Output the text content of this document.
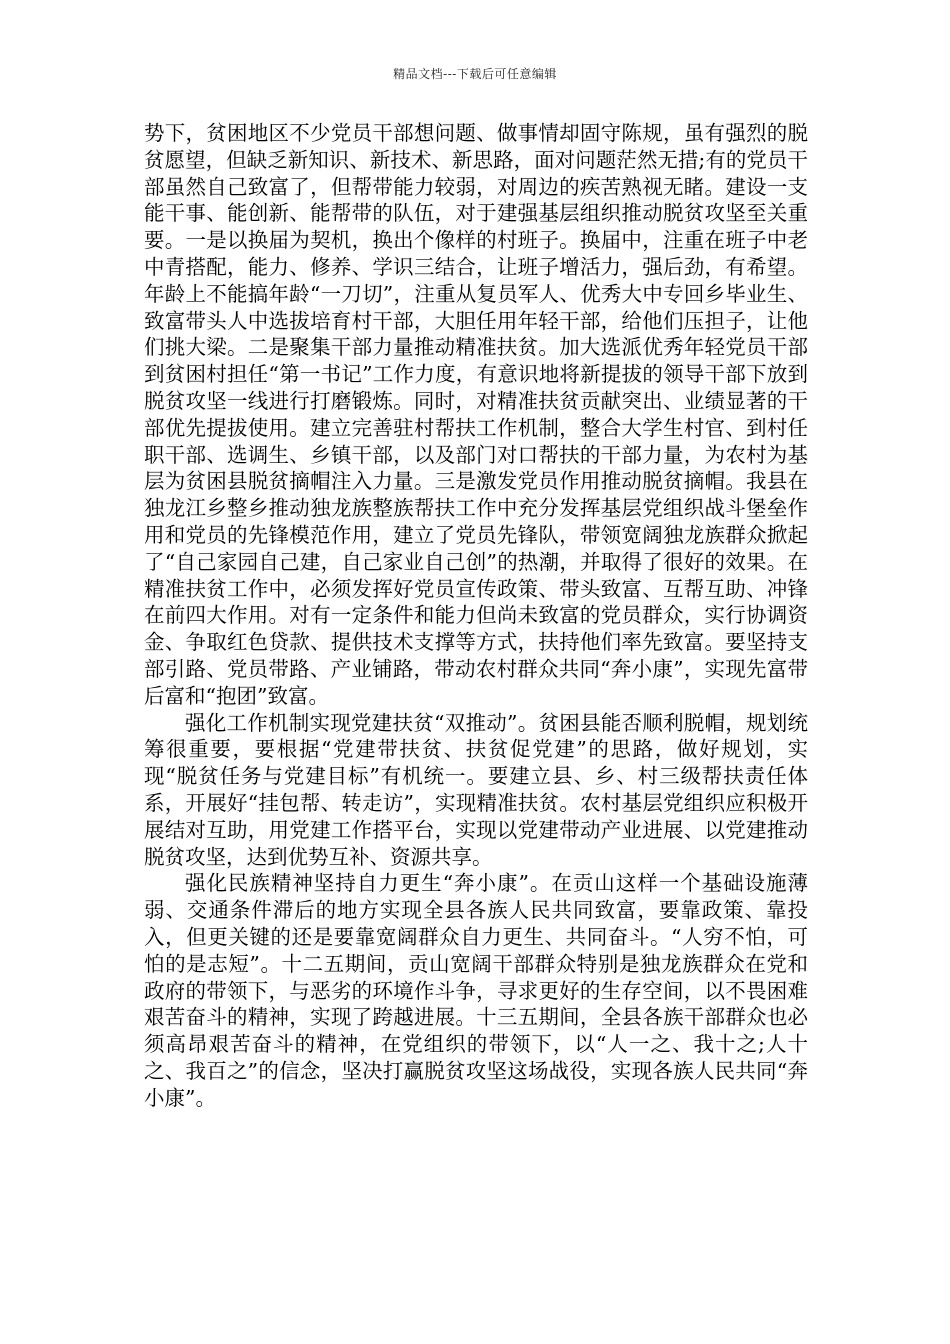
精品文档---下载后可任意编辑

势下，贫困地区不少党员干部想问题、做事情却固守陈规，虽有强烈的脱贫愿望，但缺乏新知识、新技术、新思路，面对问题茫然无措;有的党员干部虽然自己致富了，但帮带能力较弱，对周边的疾苦熟视无睹。建设一支能干事、能创新、能帮带的队伍，对于建强基层组织推动脱贫攻坚至关重要。一是以换届为契机，换出个像样的村班子。换届中，注重在班子中老中青搭配，能力、修养、学识三结合，让班子增活力，强后劲，有希望。年龄上不能搞年龄“一刀切”，注重从复员军人、优秀大中专回乡毕业生、致富带头人中选拔培育村干部，大胆任用年轻干部，给他们压担子，让他们挑大梁。二是聚集干部力量推动精准扶贫。加大选派优秀年轻党员干部到贫困村担任“第一书记”工作力度，有意识地将新提拔的领导干部下放到脱贫攻坚一线进行打磨锻炼。同时，对精准扶贫贡献突出、业绩显著的干部优先提拔使用。建立完善驻村帮扶工作机制，整合大学生村官、到村任职干部、选调生、乡镇干部，以及部门对口帮扶的干部力量，为农村为基层为贫困县脱贫摘帽注入力量。三是激发党员作用推动脱贫摘帽。我县在独龙江乡整乡推动独龙族整族帮扶工作中充分发挥基层党组织战斗堡垒作用和党员的先锋模范作用，建立了党员先锋队，带领宽阔独龙族群众掀起了“自己家园自己建，自己家业自己创”的热潮，并取得了很好的效果。在精准扶贫工作中，必须发挥好党员宣传政策、带头致富、互帮互助、冲锋在前四大作用。对有一定条件和能力但尚未致富的党员群众，实行协调资金、争取红色贷款、提供技术支撑等方式，扶持他们率先致富。要坚持支部引路、党员带路、产业铺路，带动农村群众共同“奔小康”，实现先富带后富和“抱团”致富。

强化工作机制实现党建扶贫“双推动”。贫困县能否顺利脱帽，规划统筹很重要，要根据“党建带扶贫、扶贫促党建”的思路，做好规划，实现“脱贫任务与党建目标”有机统一。要建立县、乡、村三级帮扶责任体系，开展好“挂包帮、转走访”，实现精准扶贫。农村基层党组织应积极开展结对互助，用党建工作搭平台，实现以党建带动产业进展、以党建推动脱贫攻坚，达到优势互补、资源共享。

强化民族精神坚持自力更生“奔小康”。在贡山这样一个基础设施薄弱、交通条件滞后的地方实现全县各族人民共同致富，要靠政策、靠投入，但更关键的还是要靠宽阔群众自力更生、共同奋斗。“人穷不怕，可怕的是志短”。十二五期间，贡山宽阔干部群众特别是独龙族群众在党和政府的带领下，与恶劣的环境作斗争，寻求更好的生存空间，以不畏困难艰苦奋斗的精神，实现了跨越进展。十三五期间，全县各族干部群众也必须高昂艰苦奋斗的精神，在党组织的带领下，以“人一之、我十之;人十之、我百之”的信念，坚决打赢脱贫攻坚这场战役，实现各族人民共同“奔小康”。
